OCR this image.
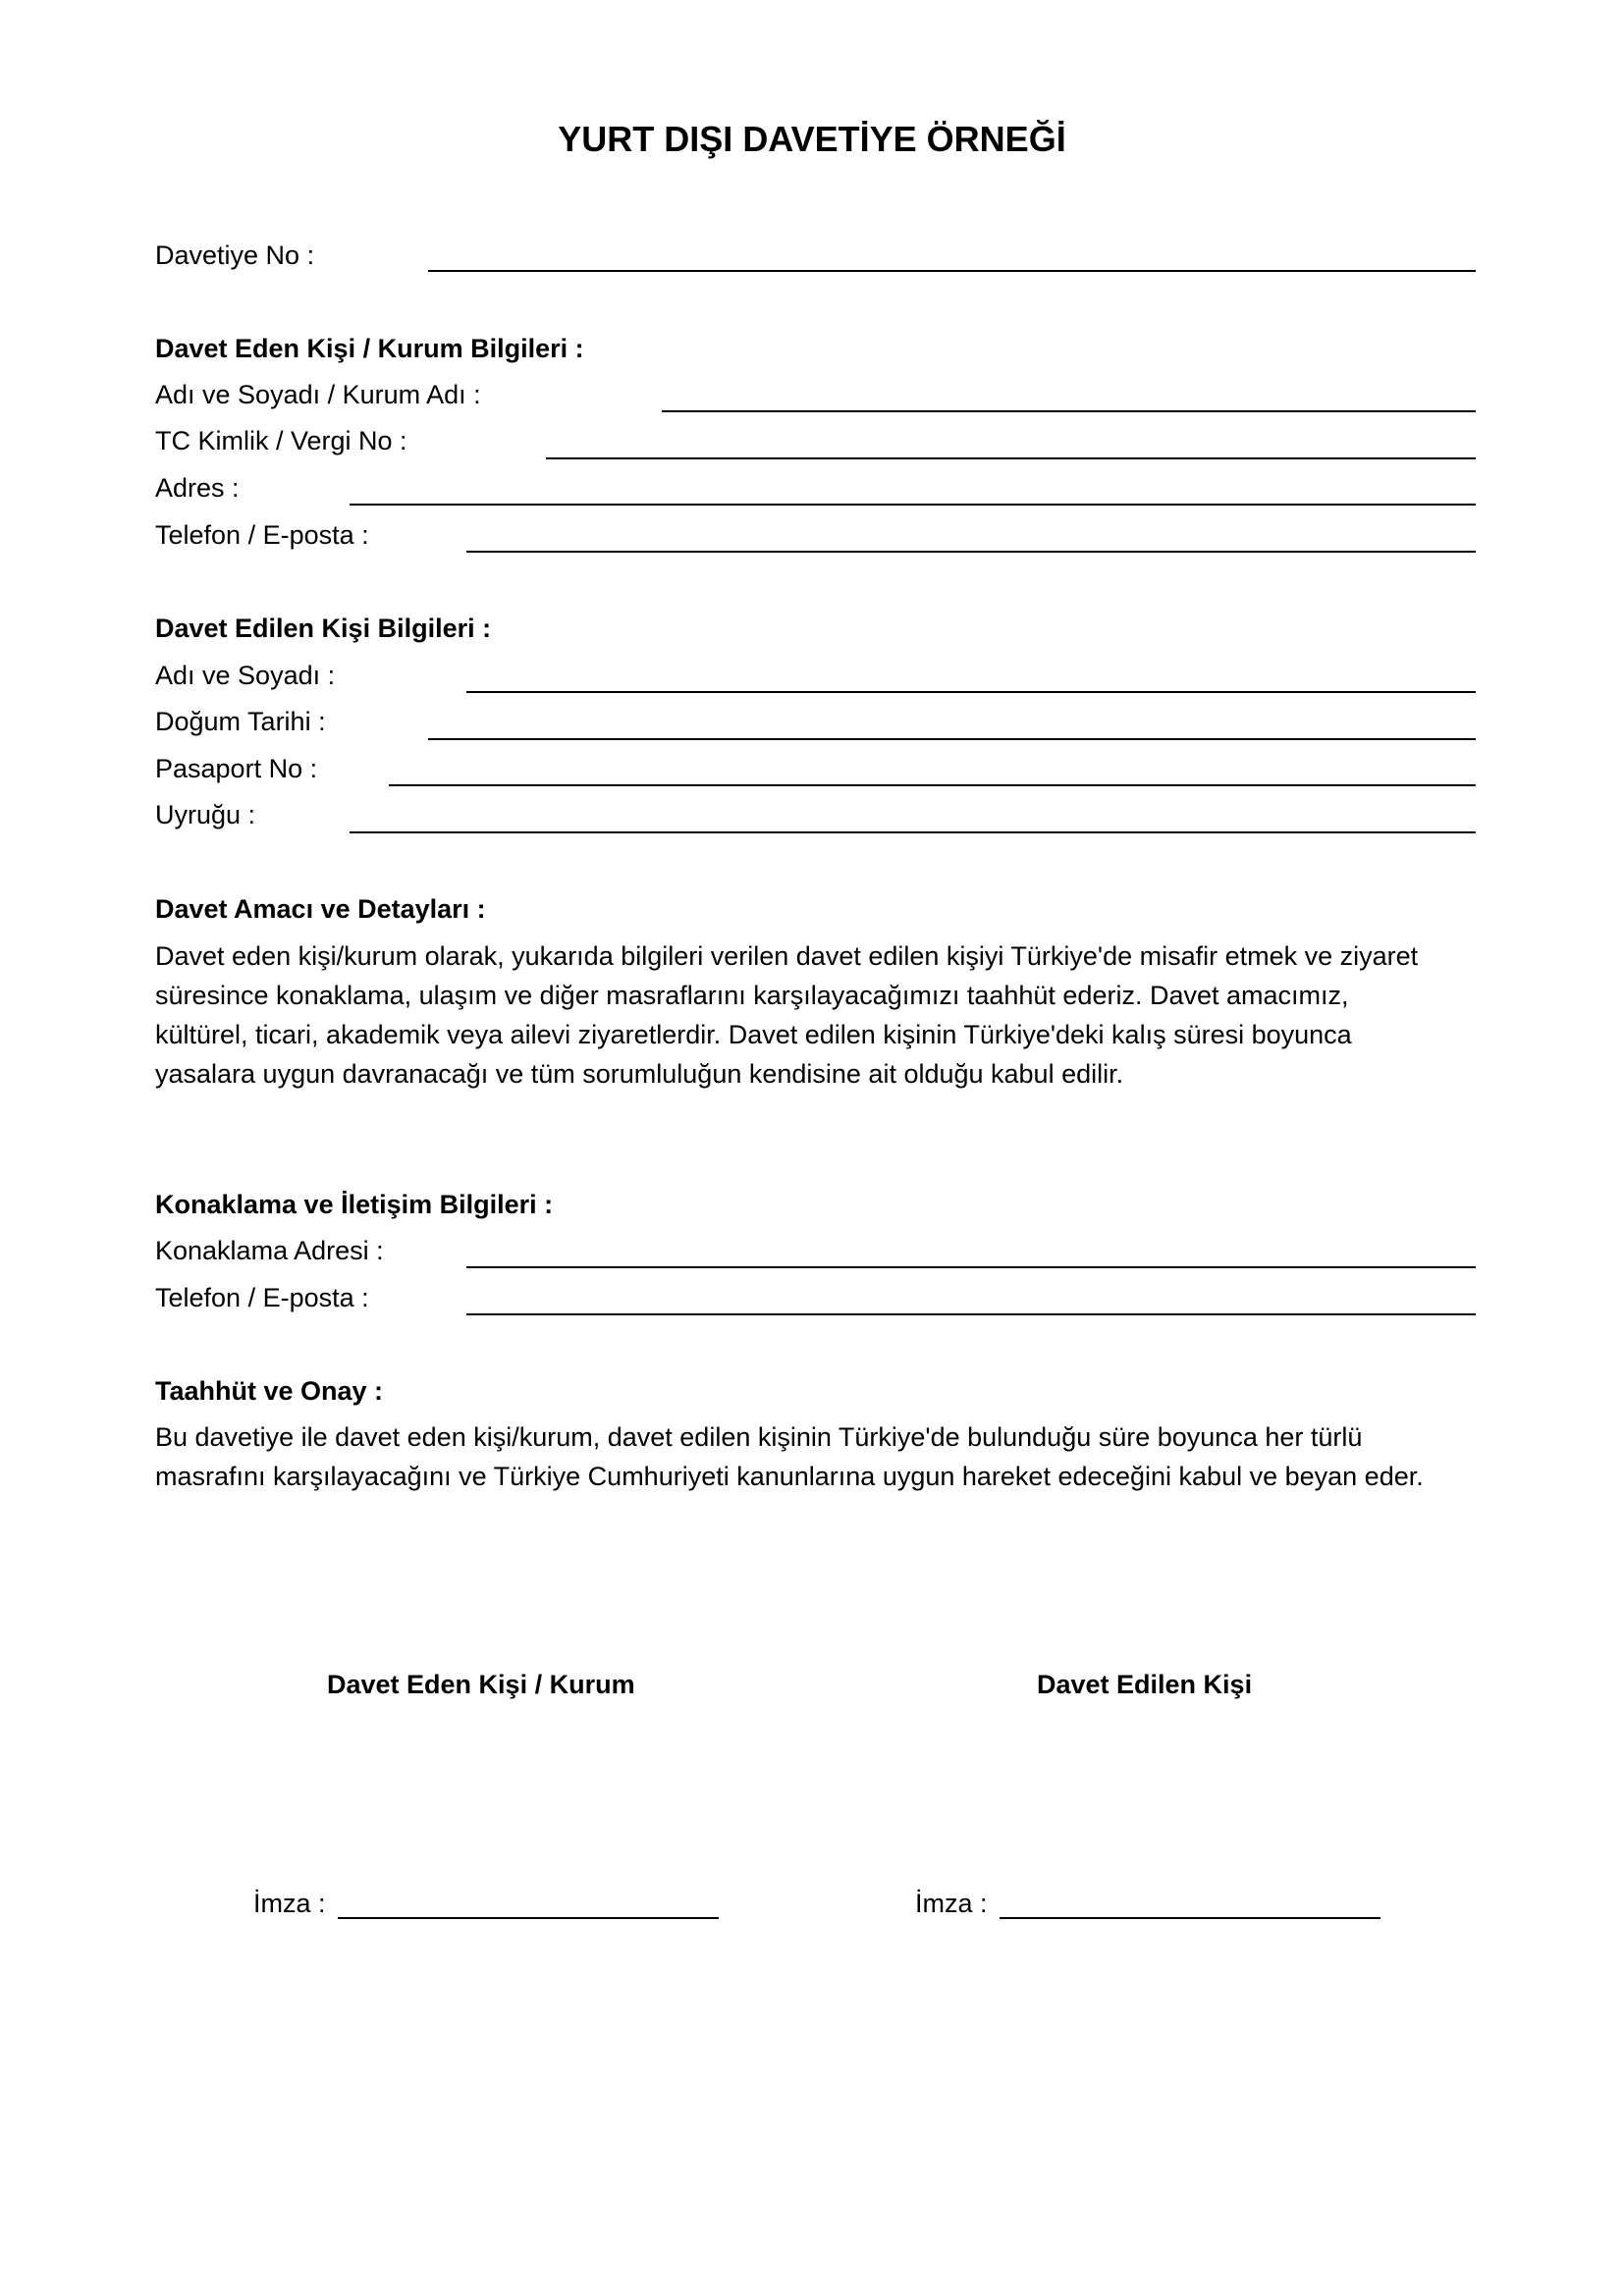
YURT DIŞI DAVETİYE ÖRNEĞİ
Davetiye No :
Davet Eden Kişi / Kurum Bilgileri :
Adı ve Soyadı / Kurum Adı :
TC Kimlik / Vergi No :
Adres :
Telefon / E-posta :
Davet Edilen Kişi Bilgileri :
Adı ve Soyadı :
Doğum Tarihi :
Pasaport No :
Uyruğu :
Davet Amacı ve Detayları :
Davet eden kişi/kurum olarak, yukarıda bilgileri verilen davet edilen kişiyi Türkiye'de misafir etmek ve ziyaret
süresince konaklama, ulaşım ve diğer masraflarını karşılayacağımızı taahhüt ederiz. Davet amacımız,
kültürel, ticari, akademik veya ailevi ziyaretlerdir. Davet edilen kişinin Türkiye'deki kalış süresi boyunca
yasalara uygun davranacağı ve tüm sorumluluğun kendisine ait olduğu kabul edilir.
Konaklama ve İletişim Bilgileri :
Konaklama Adresi :
Telefon / E-posta :
Taahhüt ve Onay :
Bu davetiye ile davet eden kişi/kurum, davet edilen kişinin Türkiye'de bulunduğu süre boyunca her türlü
masrafını karşılayacağını ve Türkiye Cumhuriyeti kanunlarına uygun hareket edeceğini kabul ve beyan eder.
Davet Eden Kişi / Kurum	Davet Edilen Kişi
İmza :	İmza :
